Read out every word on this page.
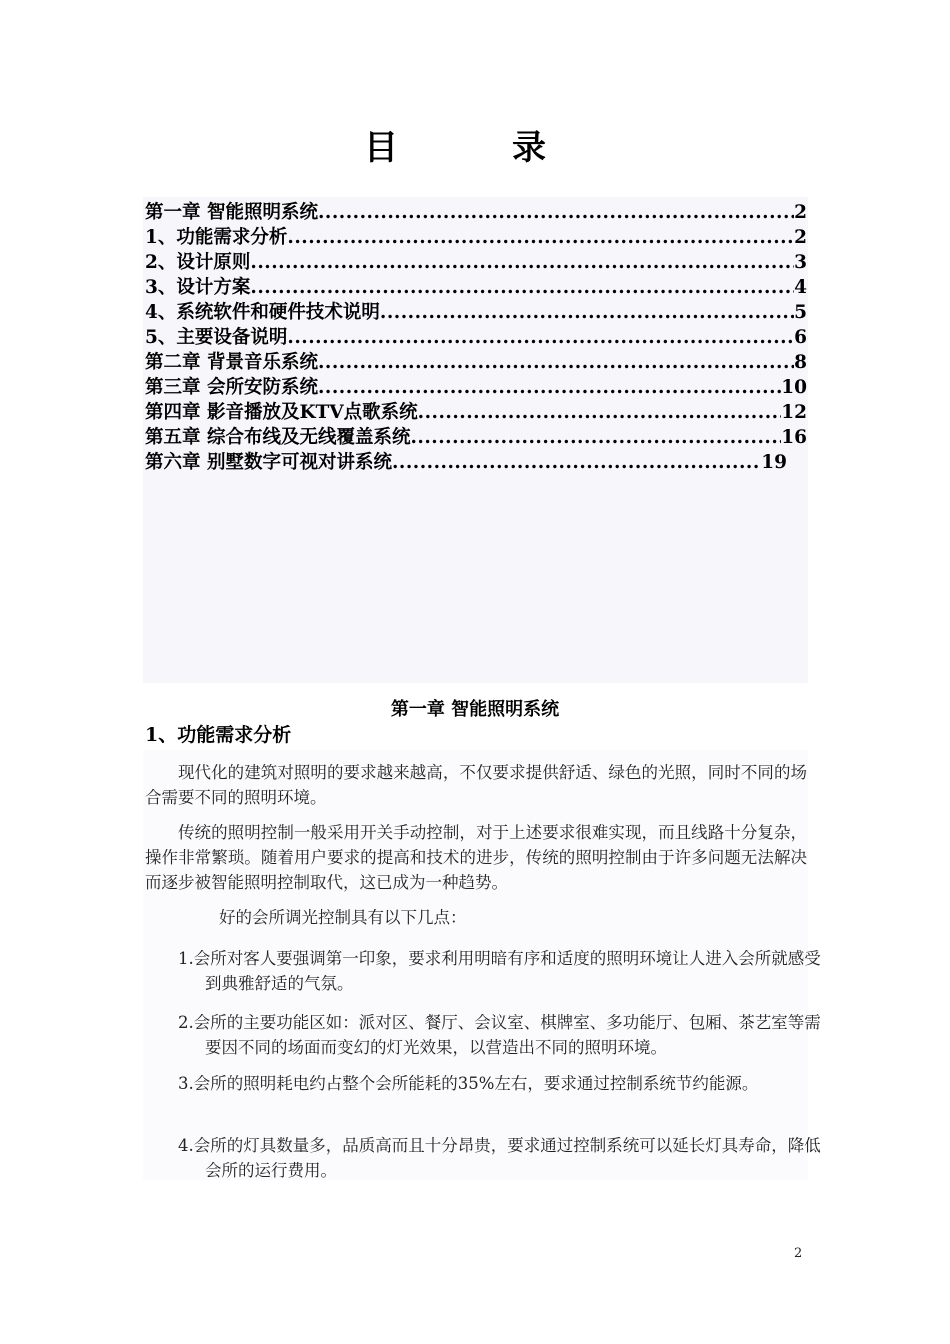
目　录
第一章 智能照明系统 .....	2
1、功能需求分析 .....	2
2、设计原则 .....	3
3、设计方案 .....	4
4、系统软件和硬件技术说明 .....	5
5、主要设备说明 .....	6
第二章 背景音乐系统 .....	8
第三章 会所安防系统 .....	10
第四章 影音播放及KTV点歌系统 .....	12
第五章 综合布线及无线覆盖系统 .....	16
第六章 别墅数字可视对讲系统 .....	19
第一章 智能照明系统
1、功能需求分析
现代化的建筑对照明的要求越来越高，不仅要求提供舒适、绿色的光照，同时不同的场合需要不同的照明环境。
传统的照明控制一般采用开关手动控制，对于上述要求很难实现，而且线路十分复杂，操作非常繁琐。随着用户要求的提高和技术的进步，传统的照明控制由于许多问题无法解决而逐步被智能照明控制取代，这已成为一种趋势。
好的会所调光控制具有以下几点：
1.会所对客人要强调第一印象，要求利用明暗有序和适度的照明环境让人进入会所就感受到典雅舒适的气氛。
2.会所的主要功能区如：派对区、餐厅、会议室、棋牌室、多功能厅、包厢、茶艺室等需要因不同的场面而变幻的灯光效果，以营造出不同的照明环境。
3.会所的照明耗电约占整个会所能耗的35%左右，要求通过控制系统节约能源。
4.会所的灯具数量多，品质高而且十分昂贵，要求通过控制系统可以延长灯具寿命，降低会所的运行费用。
2
